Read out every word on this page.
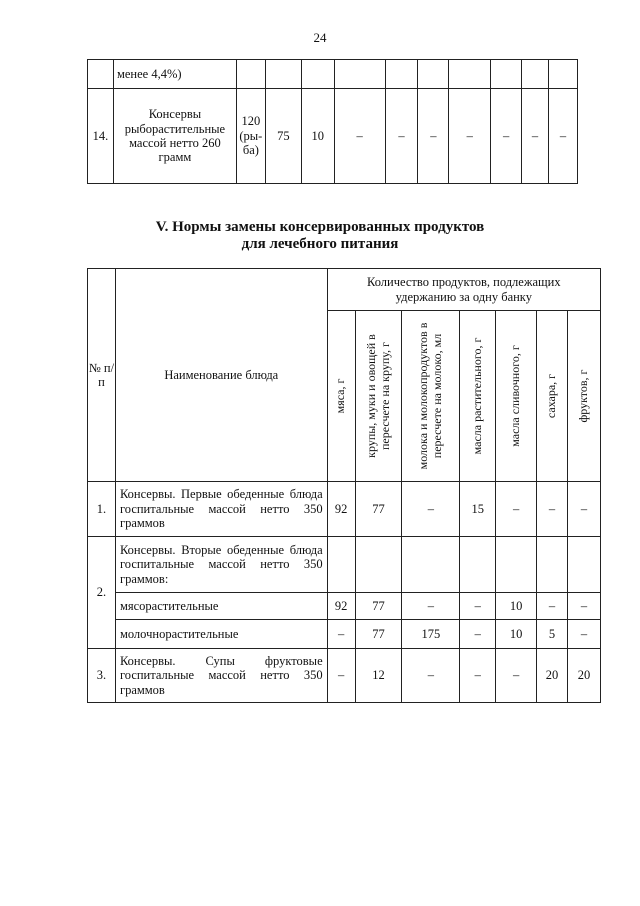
24
	менее 4,4%)										
14.	Консервы рыборастительные массой нетто 260 грамм	120 (ры-ба)	75	10	–	–	–	–	–	–	–
V. Нормы замены консервированных продуктов
для лечебного питания
№ п/п	Наименование блюда	Количество продуктов, подлежащих удержанию за одну банку						

		мяса, г	крупы, муки и овощей в пересчете на крупу, г	молока и молокопродуктов в пересчете на молоко, мл	масла растительного, г	масла сливочного, г	сахара, г	фруктов, г

1.	Консервы. Первые обеденные блюда госпитальные массой нетто 350 граммов	92	77	–	15	–	–	–
2.	Консервы. Вторые обеденные блюда госпитальные массой нетто 350 граммов:							
	мясорастительные	92	77	–	–	10	–	–
	молочнорастительные	–	77	175	–	10	5	–
3.	Консервы. Супы фруктовые госпитальные массой нетто 350 граммов	–	12	–	–	–	20	20
